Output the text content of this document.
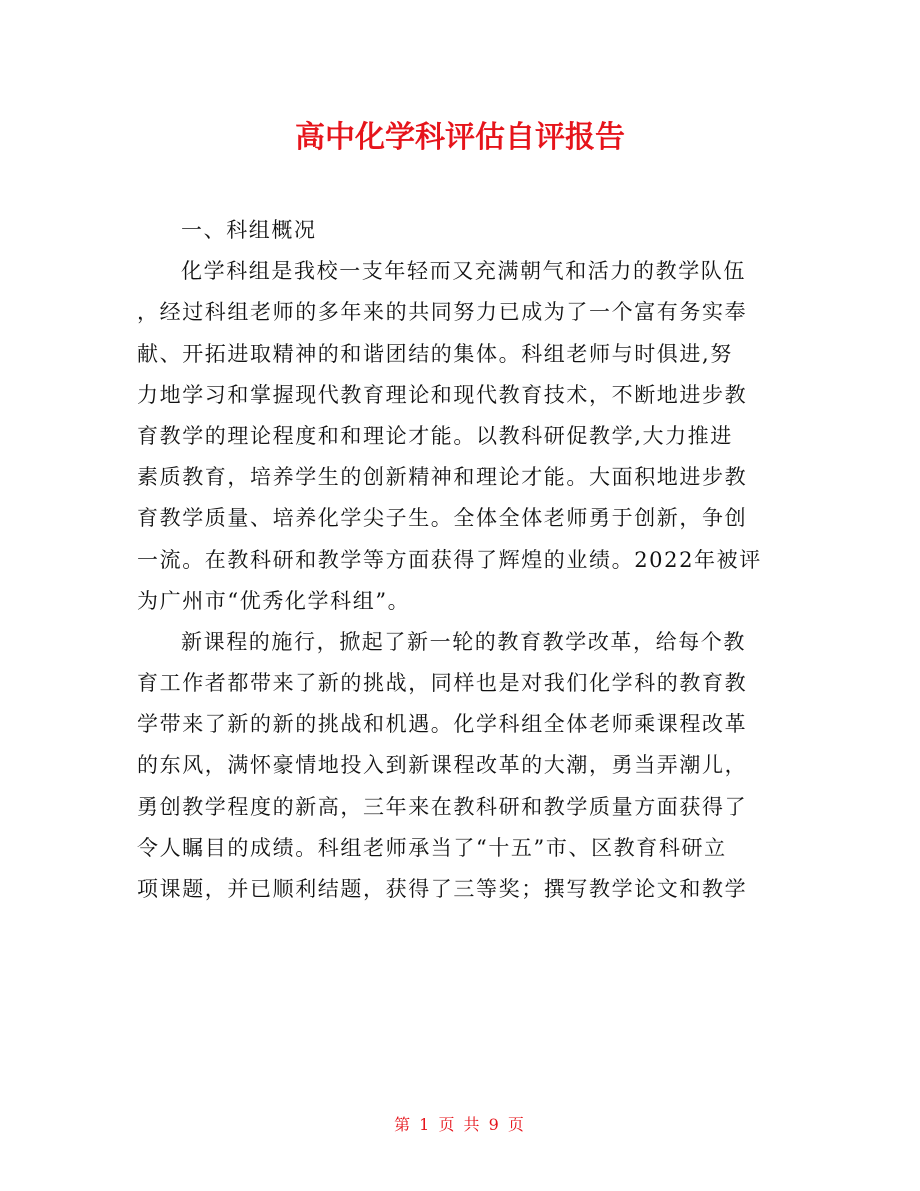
高中化学科评估自评报告
一、科组概况
化学科组是我校一支年轻而又充满朝气和活力的教学队伍
，经过科组老师的多年来的共同努力已成为了一个富有务实奉
献、开拓进取精神的和谐团结的集体。科组老师与时俱进,努
力地学习和掌握现代教育理论和现代教育技术，不断地进步教
育教学的理论程度和和理论才能。以教科研促教学,大力推进
素质教育，培养学生的创新精神和理论才能。大面积地进步教
育教学质量、培养化学尖子生。全体全体老师勇于创新，争创
一流。在教科研和教学等方面获得了辉煌的业绩。2022年被评
为广州市“优秀化学科组”。
新课程的施行，掀起了新一轮的教育教学改革，给每个教
育工作者都带来了新的挑战，同样也是对我们化学科的教育教
学带来了新的新的挑战和机遇。化学科组全体老师乘课程改革
的东风，满怀豪情地投入到新课程改革的大潮，勇当弄潮儿，
勇创教学程度的新高，三年来在教科研和教学质量方面获得了
令人瞩目的成绩。科组老师承当了“十五”市、区教育科研立
项课题，并已顺利结题，获得了三等奖；撰写教学论文和教学
第 1 页 共 9 页
